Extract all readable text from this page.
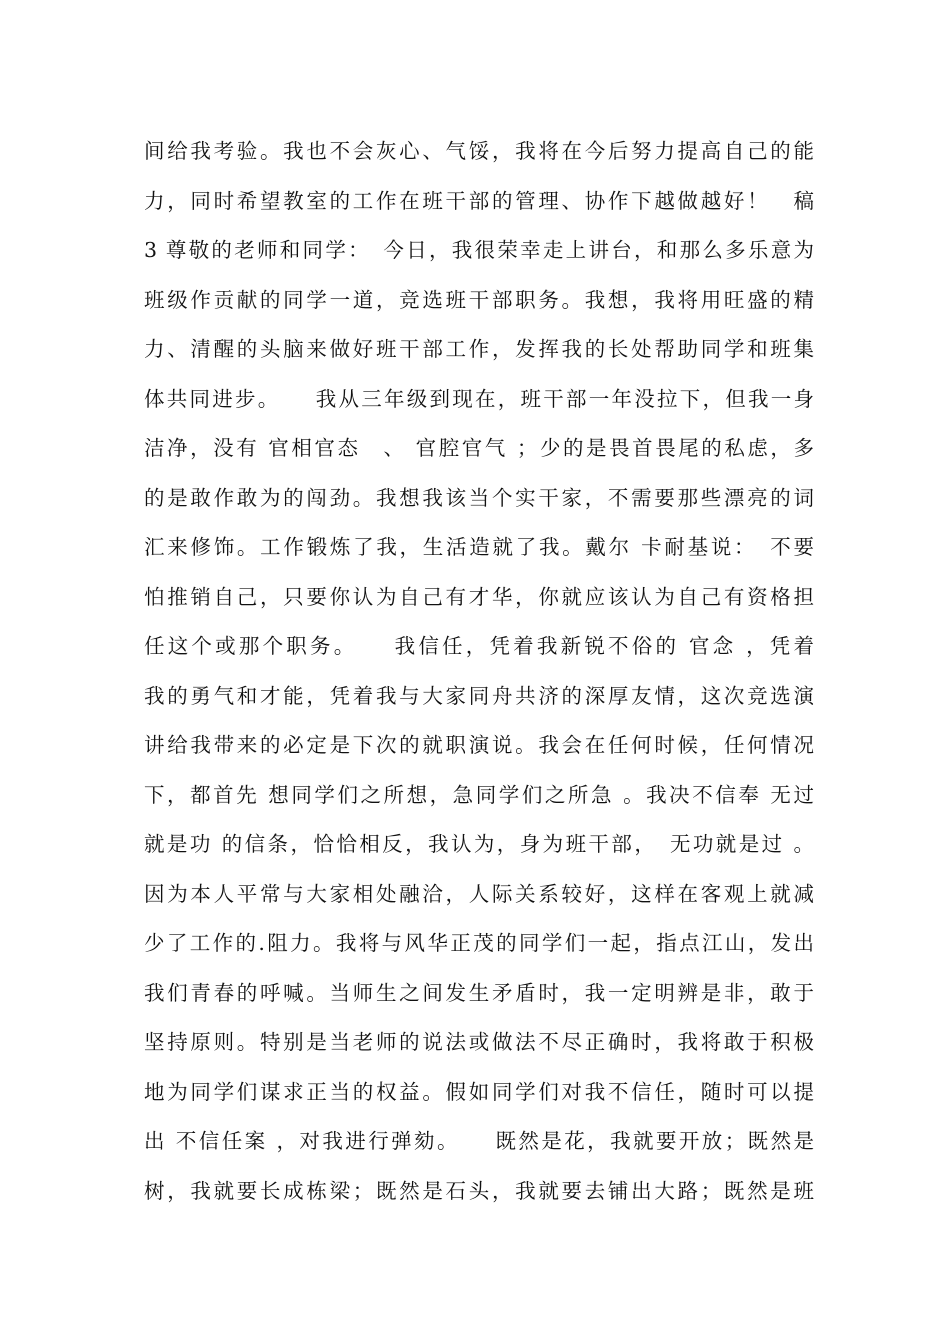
间给我考验。我也不会灰心、气馁，我将在今后努力提高自己的能
力，同时希望教室的工作在班干部的管理、协作下越做越好！　稿
3 尊敬的老师和同学：　今日，我很荣幸走上讲台，和那么多乐意为
班级作贡献的同学一道，竞选班干部职务。我想，我将用旺盛的精
力、清醒的头脑来做好班干部工作，发挥我的长处帮助同学和班集
体共同进步。　　我从三年级到现在，班干部一年没拉下，但我一身
洁净，没有 官相官态　、 官腔官气 ；少的是畏首畏尾的私虑，多
的是敢作敢为的闯劲。我想我该当个实干家，不需要那些漂亮的词
汇来修饰。工作锻炼了我，生活造就了我。戴尔 卡耐基说：　不要
怕推销自己，只要你认为自己有才华，你就应该认为自己有资格担
任这个或那个职务。　　我信任，凭着我新锐不俗的 官念 ，凭着
我的勇气和才能，凭着我与大家同舟共济的深厚友情，这次竞选演
讲给我带来的必定是下次的就职演说。我会在任何时候，任何情况
下，都首先 想同学们之所想，急同学们之所急 。我决不信奉 无过
就是功 的信条，恰恰相反，我认为，身为班干部，　无功就是过 。
因为本人平常与大家相处融洽，人际关系较好，这样在客观上就减
少了工作的.阻力。我将与风华正茂的同学们一起，指点江山，发出
我们青春的呼喊。当师生之间发生矛盾时，我一定明辨是非，敢于
坚持原则。特别是当老师的说法或做法不尽正确时，我将敢于积极
地为同学们谋求正当的权益。假如同学们对我不信任，随时可以提
出 不信任案 ，对我进行弹劾。　　既然是花，我就要开放；既然是
树，我就要长成栋梁；既然是石头，我就要去铺出大路；既然是班
